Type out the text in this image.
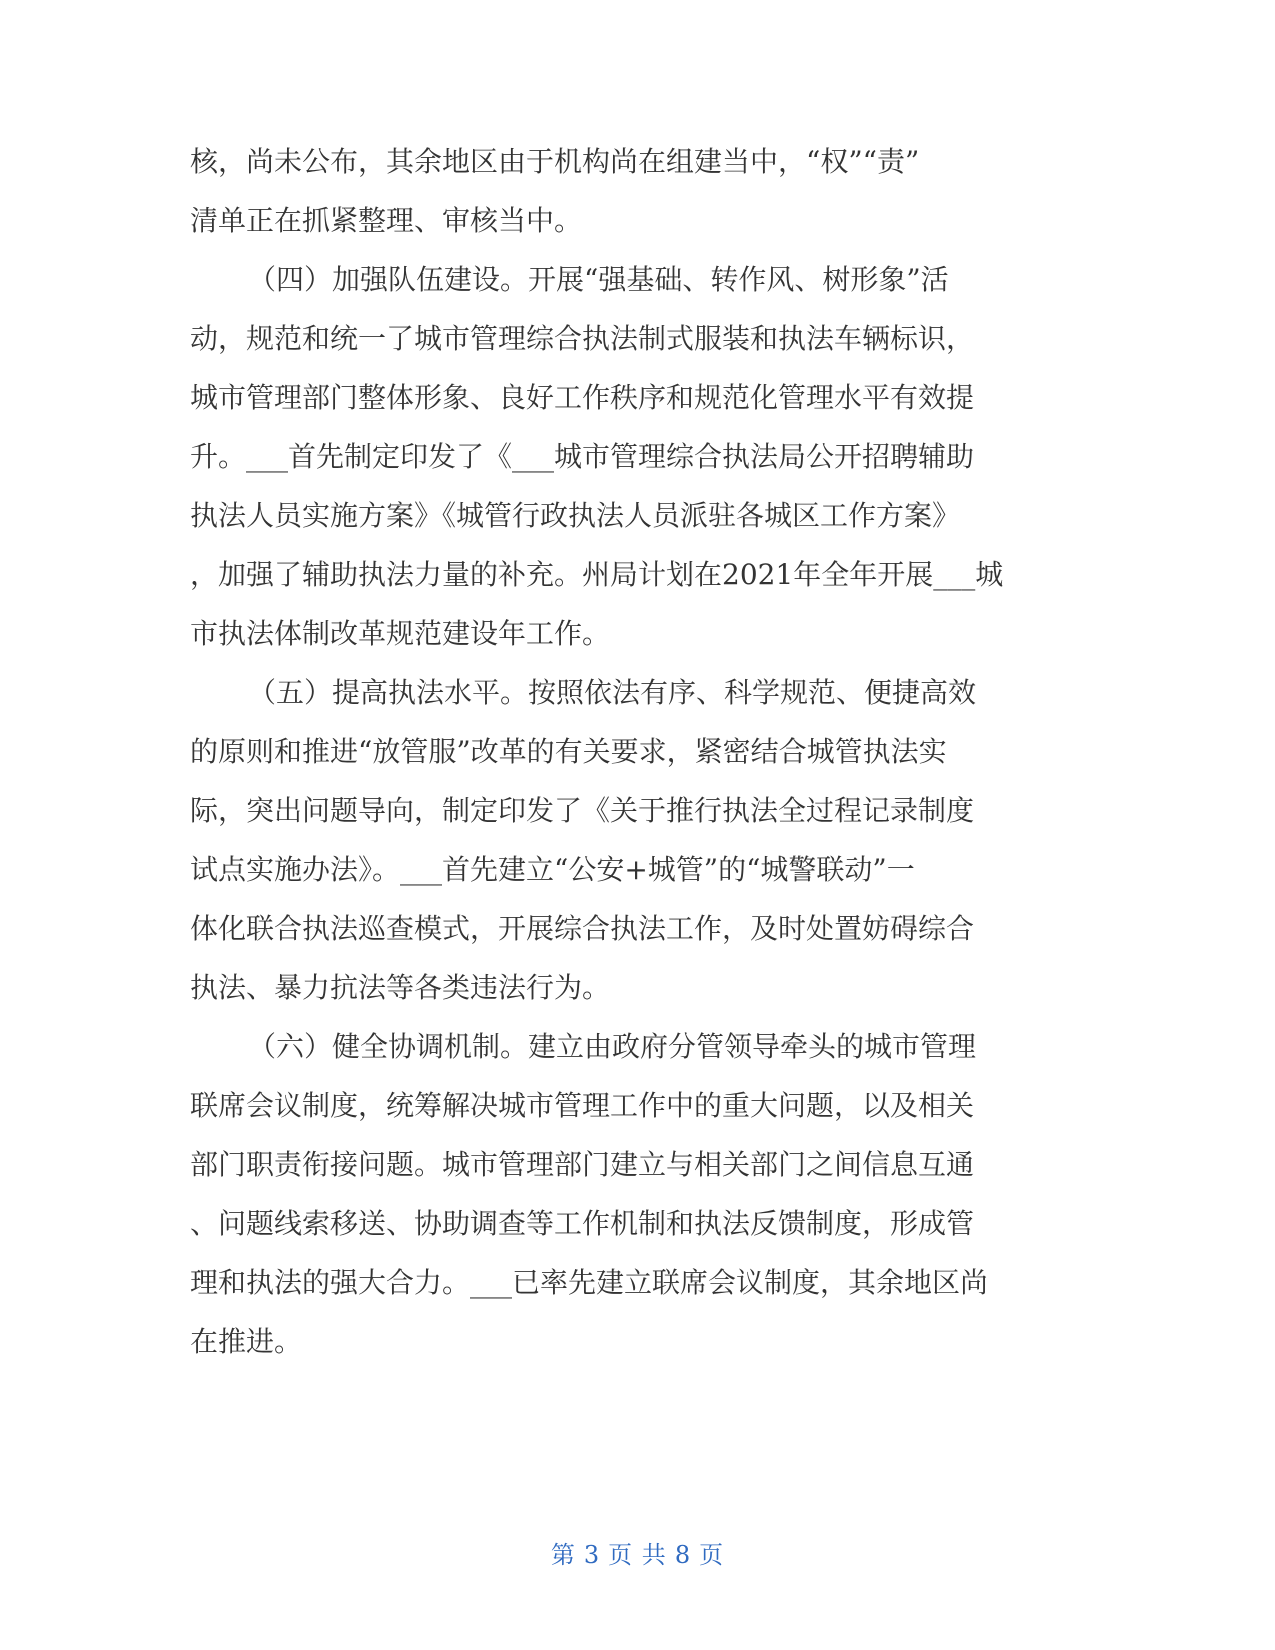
核，尚未公布，其余地区由于机构尚在组建当中，“权”“责”
清单正在抓紧整理、审核当中。
（四）加强队伍建设。开展“强基础、转作风、树形象”活
动，规范和统一了城市管理综合执法制式服装和执法车辆标识，
城市管理部门整体形象、良好工作秩序和规范化管理水平有效提
升。___首先制定印发了《___城市管理综合执法局公开招聘辅助
执法人员实施方案》《城管行政执法人员派驻各城区工作方案》
，加强了辅助执法力量的补充。州局计划在2021年全年开展___城
市执法体制改革规范建设年工作。
（五）提高执法水平。按照依法有序、科学规范、便捷高效
的原则和推进“放管服”改革的有关要求，紧密结合城管执法实
际，突出问题导向，制定印发了《关于推行执法全过程记录制度
试点实施办法》。___首先建立“公安+城管”的“城警联动”一
体化联合执法巡查模式，开展综合执法工作，及时处置妨碍综合
执法、暴力抗法等各类违法行为。
（六）健全协调机制。建立由政府分管领导牵头的城市管理
联席会议制度，统筹解决城市管理工作中的重大问题，以及相关
部门职责衔接问题。城市管理部门建立与相关部门之间信息互通
、问题线索移送、协助调查等工作机制和执法反馈制度，形成管
理和执法的强大合力。___已率先建立联席会议制度，其余地区尚
在推进。
第 3 页 共 8 页
